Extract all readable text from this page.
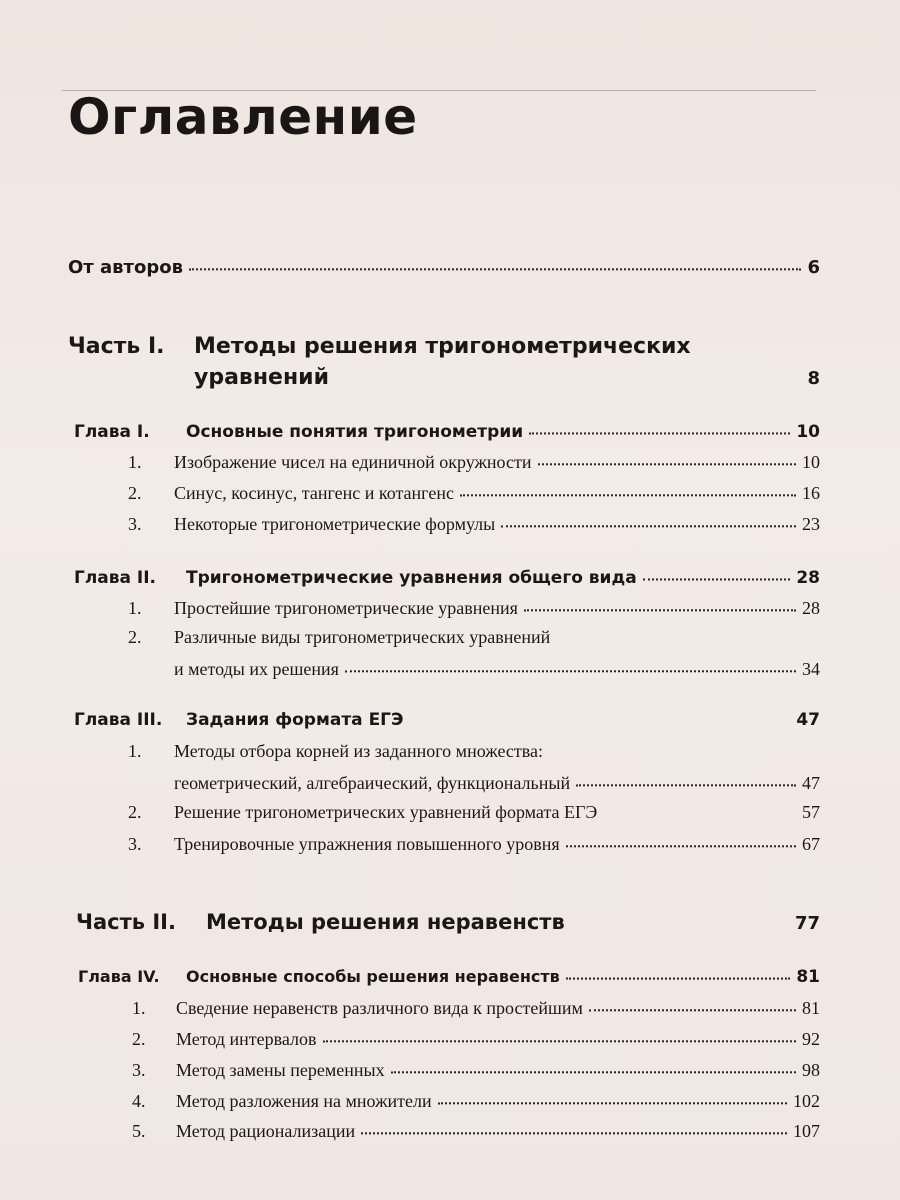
Оглавление
От авторов	6
Часть I. Методы решения тригонометрических
уравнений	8
Глава I.	Основные понятия тригонометрии	10
1.	Изображение чисел на единичной окружности	10
2.	Синус, косинус, тангенс и котангенс	16
3.	Некоторые тригонометрические формулы	23
Глава II.	Тригонометрические уравнения общего вида	28
1.	Простейшие тригонометрические уравнения	28
2. Различные виды тригонометрических уравнений
и методы их решения	34
Глава III.	Задания формата ЕГЭ	47
1. Методы отбора корней из заданного множества:
геометрический, алгебраический, функциональный	47
2.	Решение тригонометрических уравнений формата ЕГЭ	57
3.	Тренировочные упражнения повышенного уровня	67
Часть II.	Методы решения неравенств	77
Глава IV.	Основные способы решения неравенств	81
1.	Сведение неравенств различного вида к простейшим	81
2.	Метод интервалов	92
3.	Метод замены переменных	98
4.	Метод разложения на множители	102
5.	Метод рационализации	107
